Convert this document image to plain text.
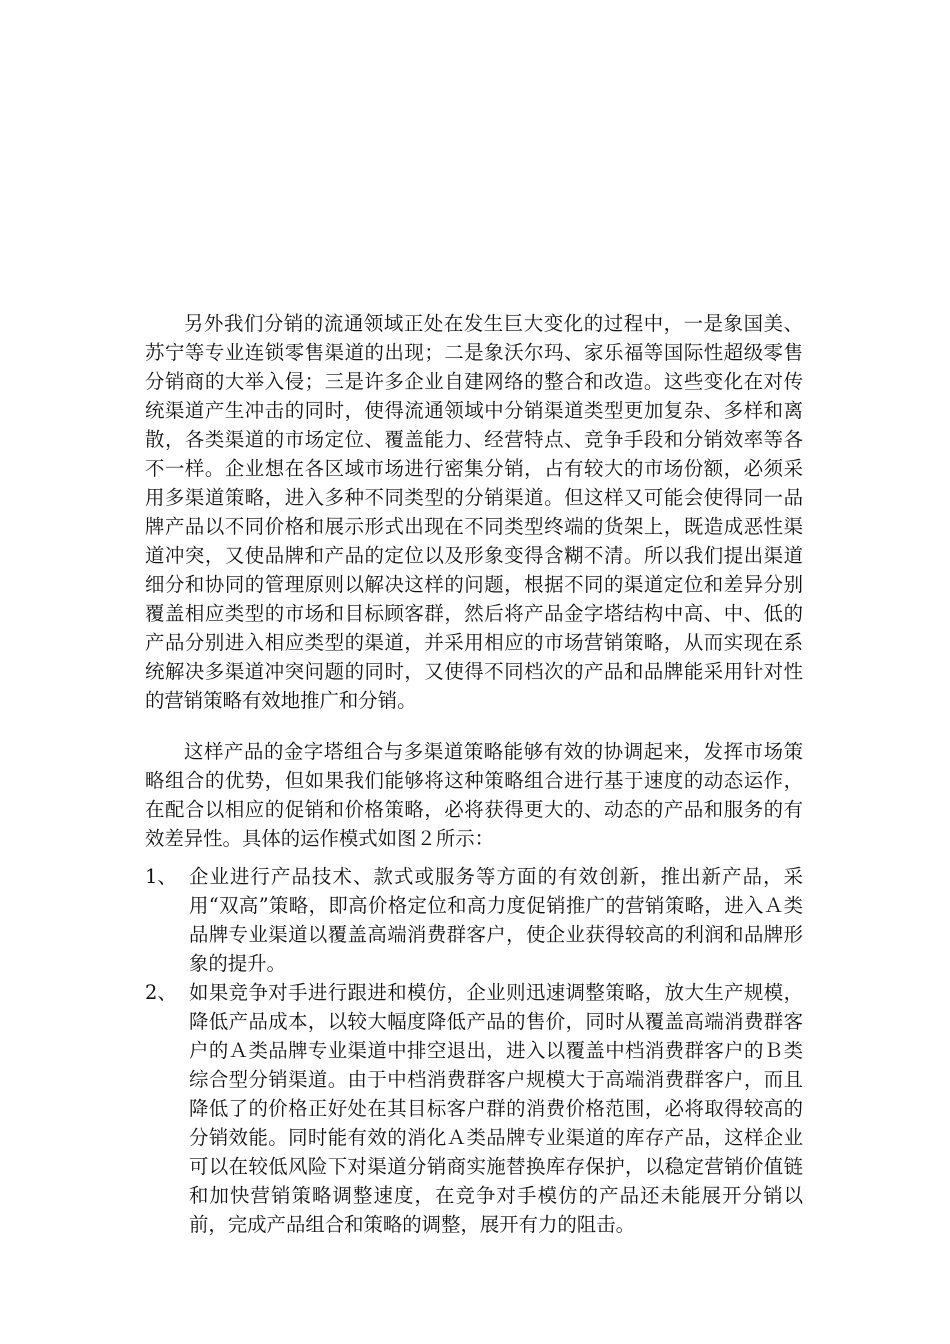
另外我们分销的流通领域正处在发生巨大变化的过程中，一是象国美、苏宁等专业连锁零售渠道的出现；二是象沃尔玛、家乐福等国际性超级零售分销商的大举入侵；三是许多企业自建网络的整合和改造。这些变化在对传统渠道产生冲击的同时，使得流通领域中分销渠道类型更加复杂、多样和离散，各类渠道的市场定位、覆盖能力、经营特点、竞争手段和分销效率等各不一样。企业想在各区域市场进行密集分销，占有较大的市场份额，必须采用多渠道策略，进入多种不同类型的分销渠道。但这样又可能会使得同一品牌产品以不同价格和展示形式出现在不同类型终端的货架上，既造成恶性渠道冲突，又使品牌和产品的定位以及形象变得含糊不清。所以我们提出渠道细分和协同的管理原则以解决这样的问题，根据不同的渠道定位和差异分别覆盖相应类型的市场和目标顾客群，然后将产品金字塔结构中高、中、低的产品分别进入相应类型的渠道，并采用相应的市场营销策略，从而实现在系统解决多渠道冲突问题的同时，又使得不同档次的产品和品牌能采用针对性的营销策略有效地推广和分销。

这样产品的金字塔组合与多渠道策略能够有效的协调起来，发挥市场策略组合的优势，但如果我们能够将这种策略组合进行基于速度的动态运作，在配合以相应的促销和价格策略，必将获得更大的、动态的产品和服务的有效差异性。具体的运作模式如图２所示：

1、 企业进行产品技术、款式或服务等方面的有效创新，推出新产品，采用“双高”策略，即高价格定位和高力度促销推广的营销策略，进入Ａ类品牌专业渠道以覆盖高端消费群客户，使企业获得较高的利润和品牌形象的提升。
2、 如果竞争对手进行跟进和模仿，企业则迅速调整策略，放大生产规模，降低产品成本，以较大幅度降低产品的售价，同时从覆盖高端消费群客户的Ａ类品牌专业渠道中排空退出，进入以覆盖中档消费群客户的Ｂ类综合型分销渠道。由于中档消费群客户规模大于高端消费群客户，而且降低了的价格正好处在其目标客户群的消费价格范围，必将取得较高的分销效能。同时能有效的消化Ａ类品牌专业渠道的库存产品，这样企业可以在较低风险下对渠道分销商实施替换库存保护，以稳定营销价值链和加快营销策略调整速度，在竞争对手模仿的产品还未能展开分销以前，完成产品组合和策略的调整，展开有力的阻击。
